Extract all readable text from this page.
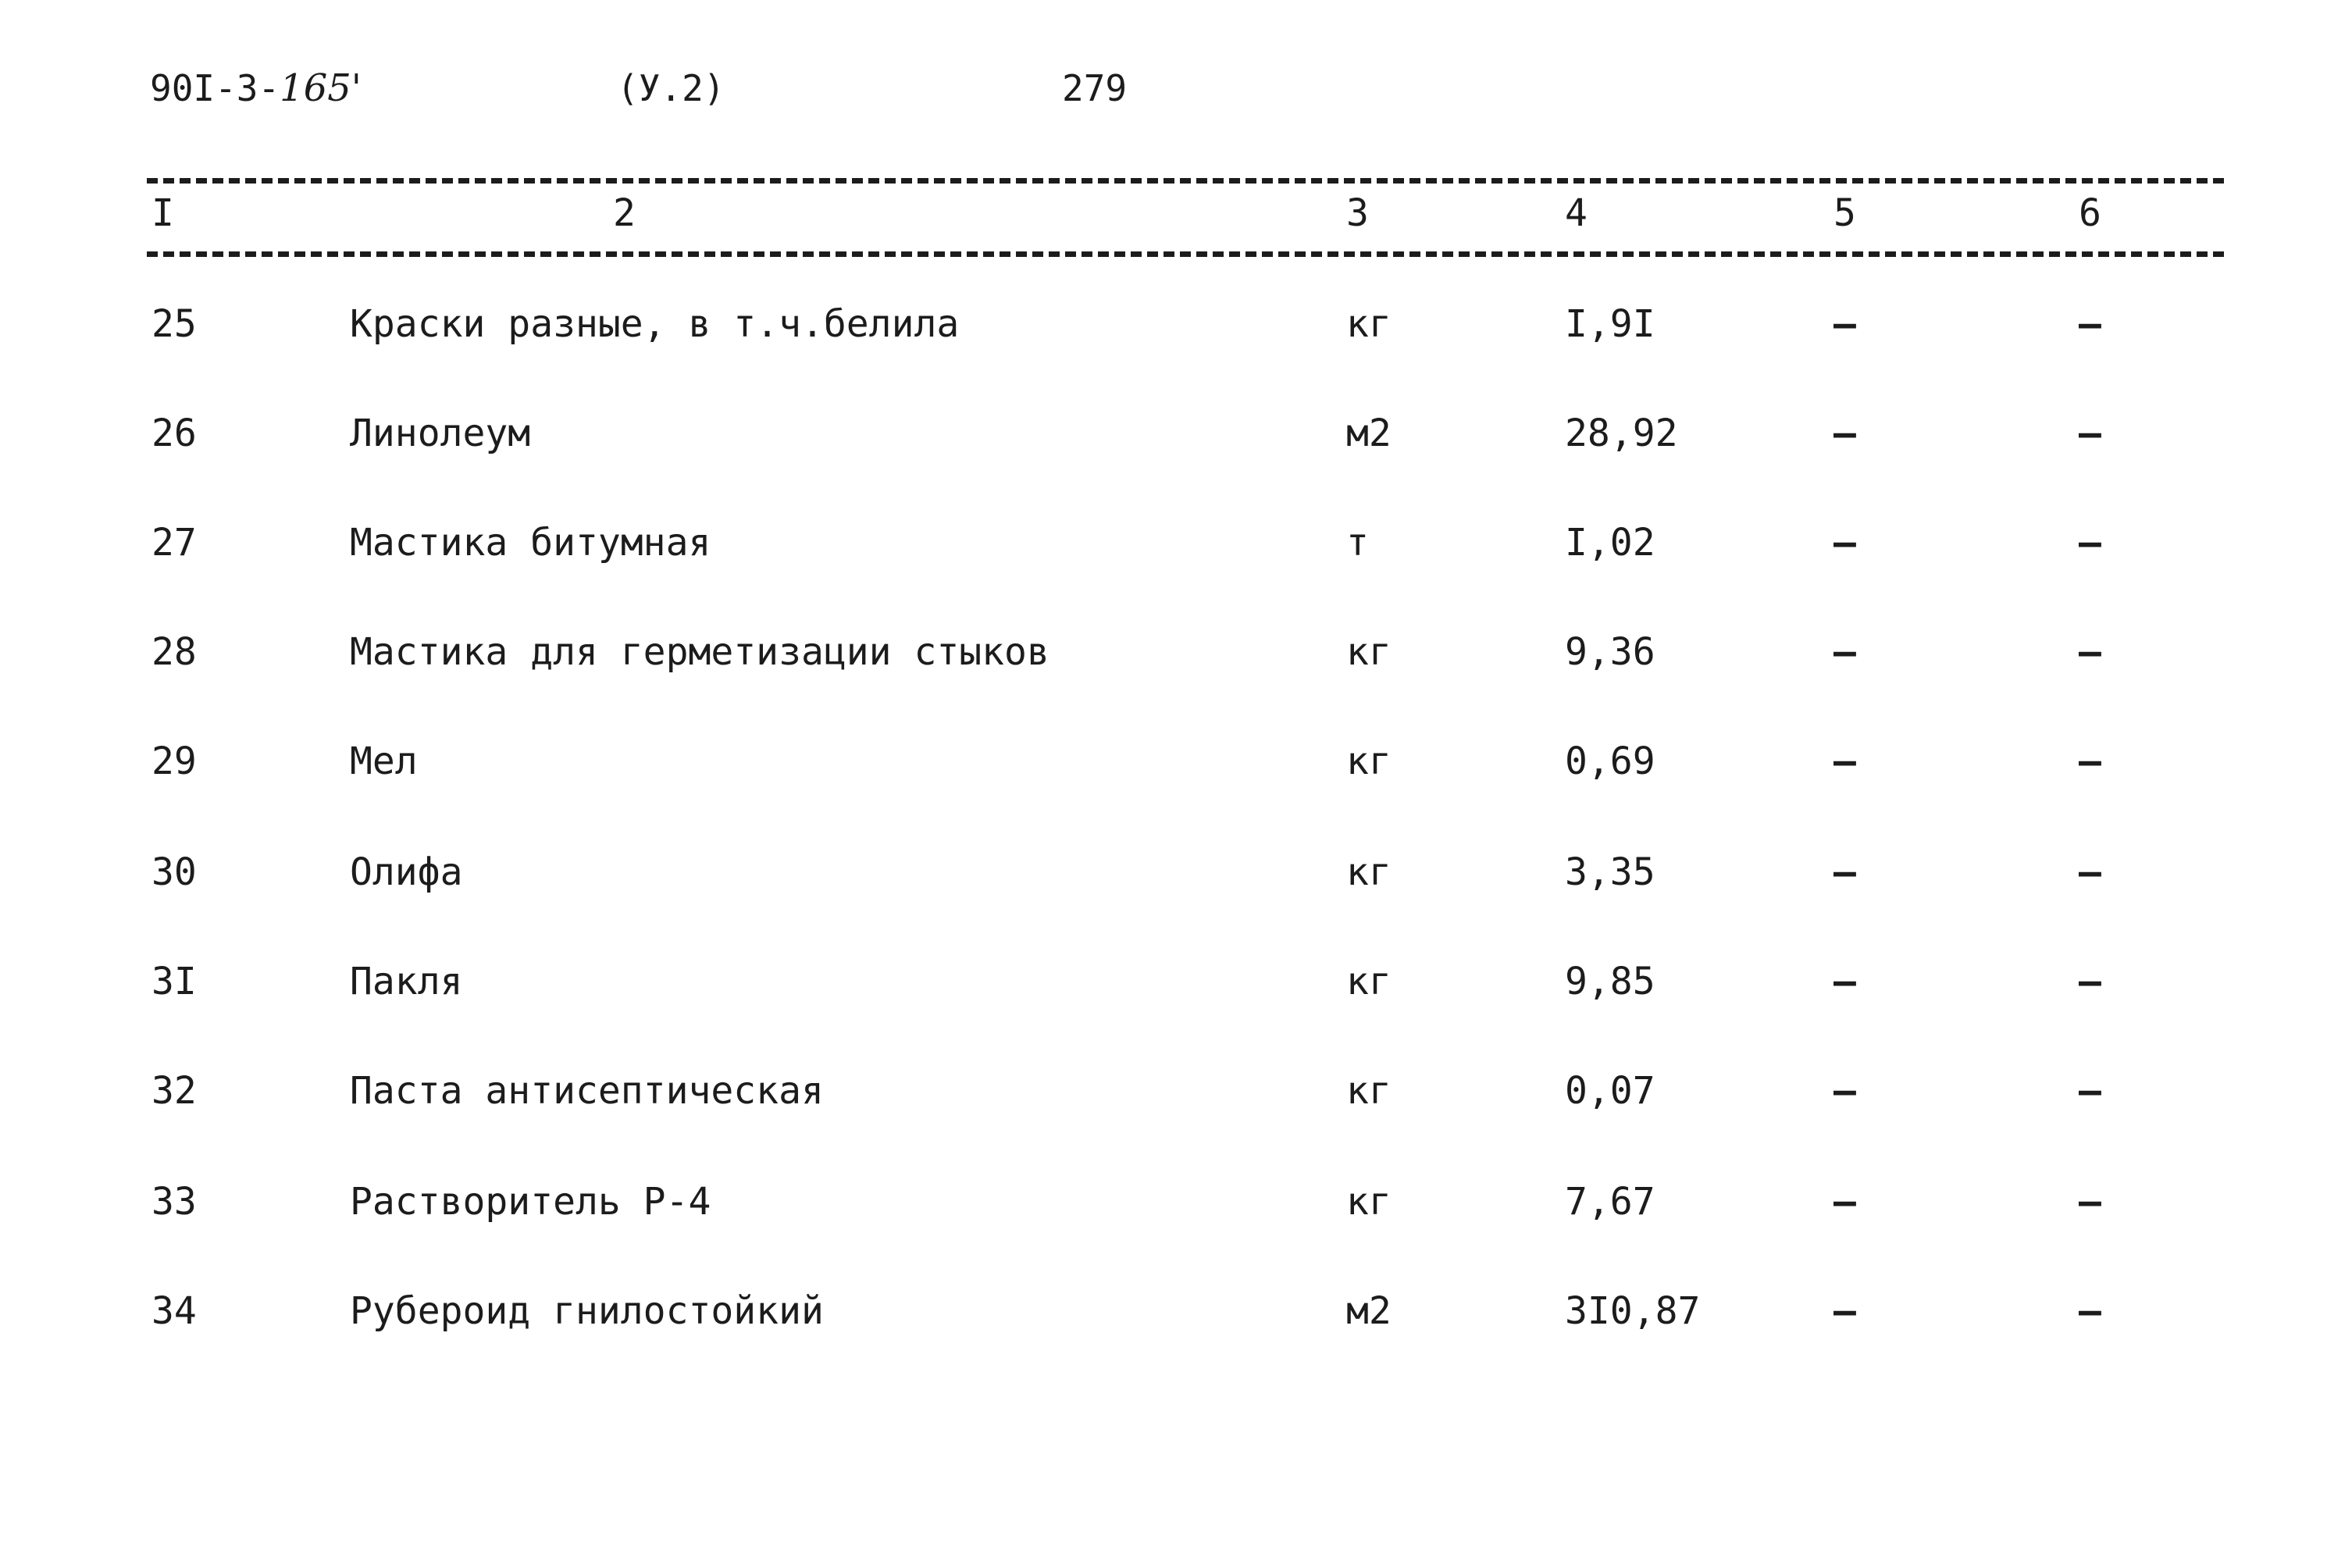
90I-3-165'	(У.2)	279
I	2	3	4	5	6
25	Краски разные, в т.ч.белила	кг	I,9I	–	–
26	Линолеум	м2	28,92	–	–
27	Мастика битумная	т	I,02	–	–
28	Мастика для герметизации стыков	кг	9,36	–	–
29	Мел	кг	0,69	–	–
30	Олифа	кг	3,35	–	–
3I	Пакля	кг	9,85	–	–
32	Паста антисептическая	кг	0,07	–	–
33	Растворитель Р-4	кг	7,67	–	–
34	Рубероид гнилостойкий	м2	3I0,87	–	–
